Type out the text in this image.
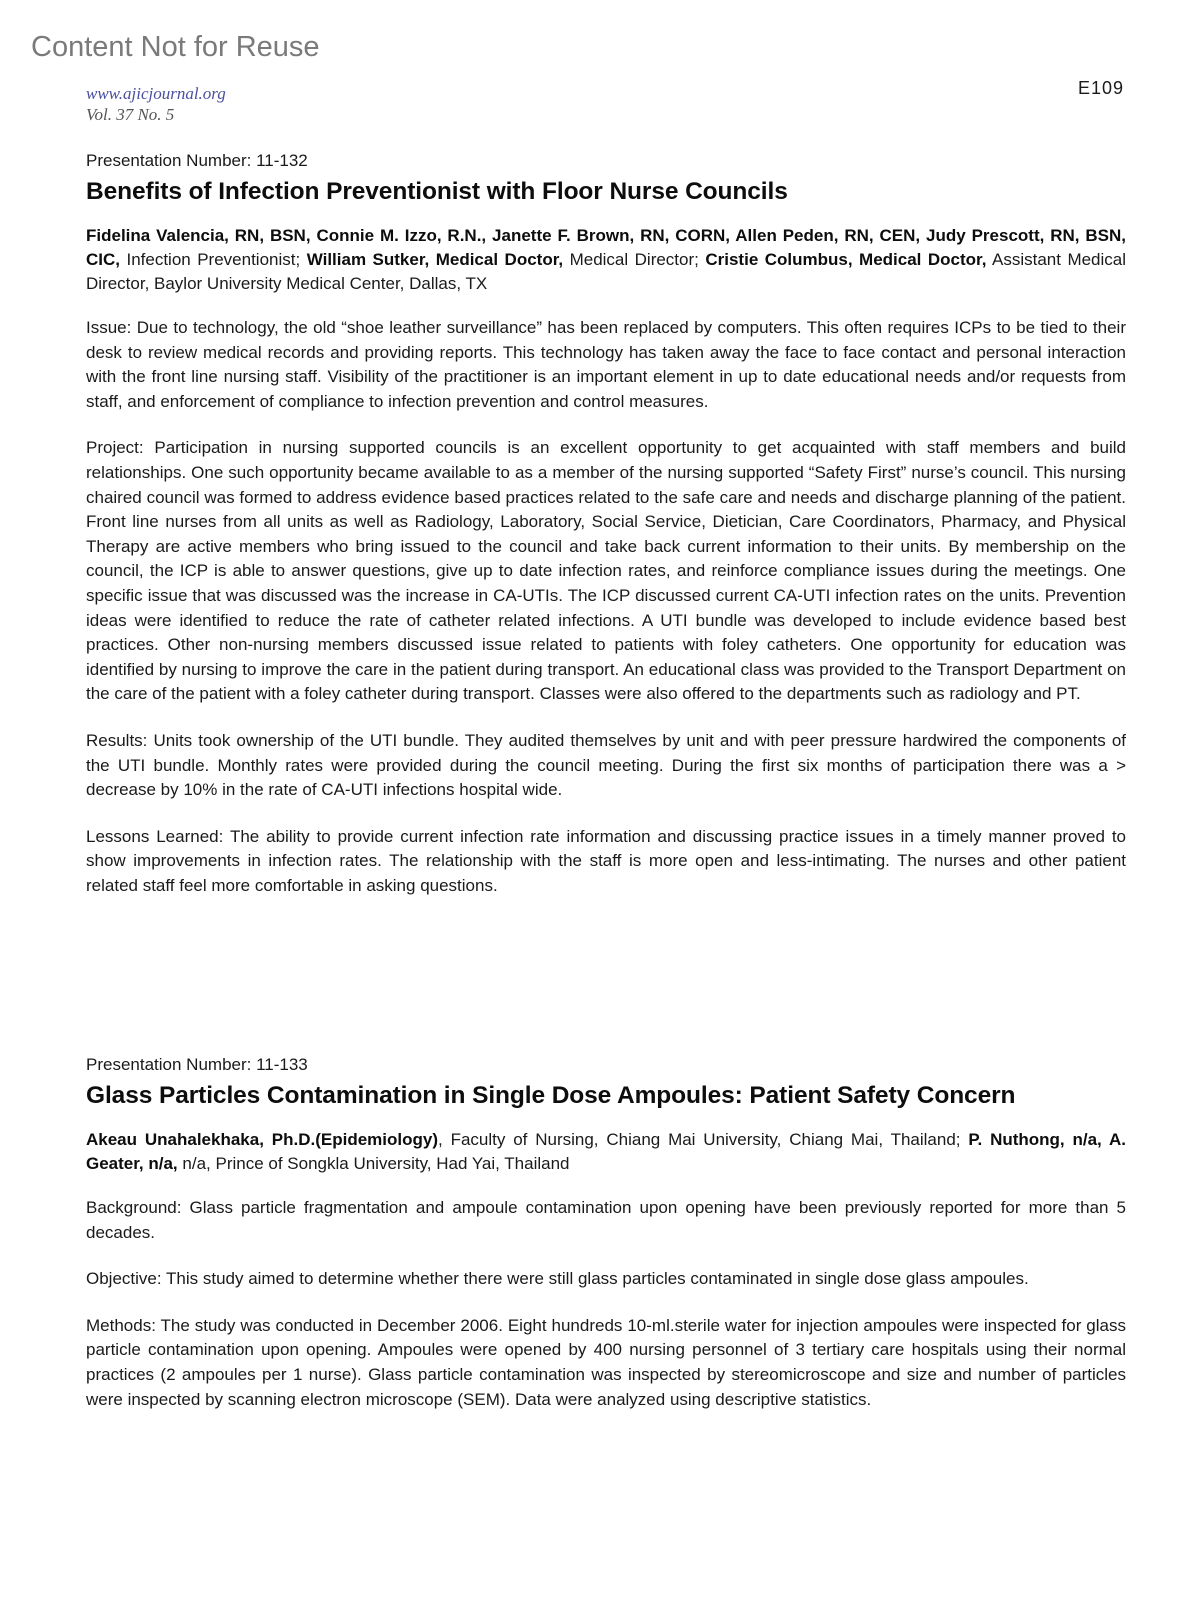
Content Not for Reuse
www.ajicjournal.org
Vol. 37 No. 5
E109
Presentation Number: 11-132
Benefits of Infection Preventionist with Floor Nurse Councils
Fidelina Valencia, RN, BSN, Connie M. Izzo, R.N., Janette F. Brown, RN, CORN, Allen Peden, RN, CEN, Judy Prescott, RN, BSN, CIC, Infection Preventionist; William Sutker, Medical Doctor, Medical Director; Cristie Columbus, Medical Doctor, Assistant Medical Director, Baylor University Medical Center, Dallas, TX

Issue: Due to technology, the old “shoe leather surveillance” has been replaced by computers. This often requires ICPs to be tied to their desk to review medical records and providing reports. This technology has taken away the face to face contact and personal interaction with the front line nursing staff. Visibility of the practitioner is an important element in up to date educational needs and/or requests from staff, and enforcement of compliance to infection prevention and control measures.

Project: Participation in nursing supported councils is an excellent opportunity to get acquainted with staff members and build relationships. One such opportunity became available to as a member of the nursing supported “Safety First” nurse’s council. This nursing chaired council was formed to address evidence based practices related to the safe care and needs and discharge planning of the patient. Front line nurses from all units as well as Radiology, Laboratory, Social Service, Dietician, Care Coordinators, Pharmacy, and Physical Therapy are active members who bring issued to the council and take back current information to their units. By membership on the council, the ICP is able to answer questions, give up to date infection rates, and reinforce compliance issues during the meetings. One specific issue that was discussed was the increase in CA-UTIs. The ICP discussed current CA-UTI infection rates on the units. Prevention ideas were identified to reduce the rate of catheter related infections. A UTI bundle was developed to include evidence based best practices. Other non-nursing members discussed issue related to patients with foley catheters. One opportunity for education was identified by nursing to improve the care in the patient during transport. An educational class was provided to the Transport Department on the care of the patient with a foley catheter during transport. Classes were also offered to the departments such as radiology and PT.

Results: Units took ownership of the UTI bundle. They audited themselves by unit and with peer pressure hardwired the components of the UTI bundle. Monthly rates were provided during the council meeting. During the first six months of participation there was a > decrease by 10% in the rate of CA-UTI infections hospital wide.

Lessons Learned: The ability to provide current infection rate information and discussing practice issues in a timely manner proved to show improvements in infection rates. The relationship with the staff is more open and less-intimating. The nurses and other patient related staff feel more comfortable in asking questions.

Presentation Number: 11-133
Glass Particles Contamination in Single Dose Ampoules: Patient Safety Concern
Akeau Unahalekhaka, Ph.D.(Epidemiology), Faculty of Nursing, Chiang Mai University, Chiang Mai, Thailand; P. Nuthong, n/a, A. Geater, n/a, n/a, Prince of Songkla University, Had Yai, Thailand

Background: Glass particle fragmentation and ampoule contamination upon opening have been previously reported for more than 5 decades.

Objective: This study aimed to determine whether there were still glass particles contaminated in single dose glass ampoules.

Methods: The study was conducted in December 2006. Eight hundreds 10-ml.sterile water for injection ampoules were inspected for glass particle contamination upon opening. Ampoules were opened by 400 nursing personnel of 3 tertiary care hospitals using their normal practices (2 ampoules per 1 nurse). Glass particle contamination was inspected by stereomicroscope and size and number of particles were inspected by scanning electron microscope (SEM). Data were analyzed using descriptive statistics.
